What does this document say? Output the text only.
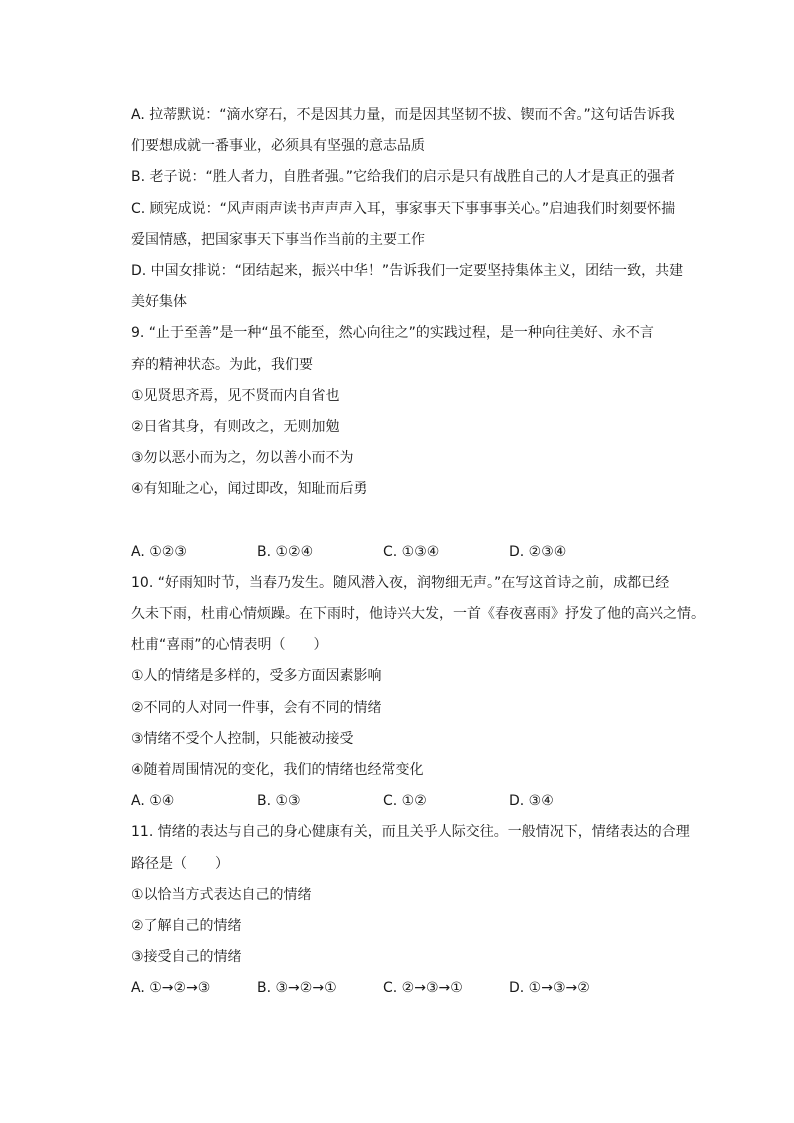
A. 拉蒂默说：“滴水穿石，不是因其力量，而是因其坚韧不拔、锲而不舍。”这句话告诉我
们要想成就一番事业，必须具有坚强的意志品质
B. 老子说：“胜人者力，自胜者强。”它给我们的启示是只有战胜自己的人才是真正的强者
C. 顾宪成说：“风声雨声读书声声声入耳，事家事天下事事事关心。”启迪我们时刻要怀揣
爱国情感，把国家事天下事当作当前的主要工作
D. 中国女排说：“团结起来，振兴中华！”告诉我们一定要坚持集体主义，团结一致，共建
美好集体
9. “止于至善”是一种“虽不能至，然心向往之”的实践过程，是一种向往美好、永不言
弃的精神状态。为此，我们要
①见贤思齐焉，见不贤而内自省也
②日省其身，有则改之，无则加勉
③勿以恶小而为之，勿以善小而不为
④有知耻之心，闻过即改，知耻而后勇
A. ①②③	B. ①②④	C. ①③④	D. ②③④
10. “好雨知时节，当春乃发生。随风潜入夜，润物细无声。”在写这首诗之前，成都已经
久未下雨，杜甫心情烦躁。在下雨时，他诗兴大发，一首《春夜喜雨》抒发了他的高兴之情。
杜甫“喜雨”的心情表明（　　）
①人的情绪是多样的，受多方面因素影响
②不同的人对同一件事，会有不同的情绪
③情绪不受个人控制，只能被动接受
④随着周围情况的变化，我们的情绪也经常变化
A. ①④	B. ①③	C. ①②	D. ③④
11. 情绪的表达与自己的身心健康有关，而且关乎人际交往。一般情况下，情绪表达的合理
路径是（　　）
①以恰当方式表达自己的情绪
②了解自己的情绪
③接受自己的情绪
A. ①→②→③	B. ③→②→①	C. ②→③→①	D. ①→③→②
